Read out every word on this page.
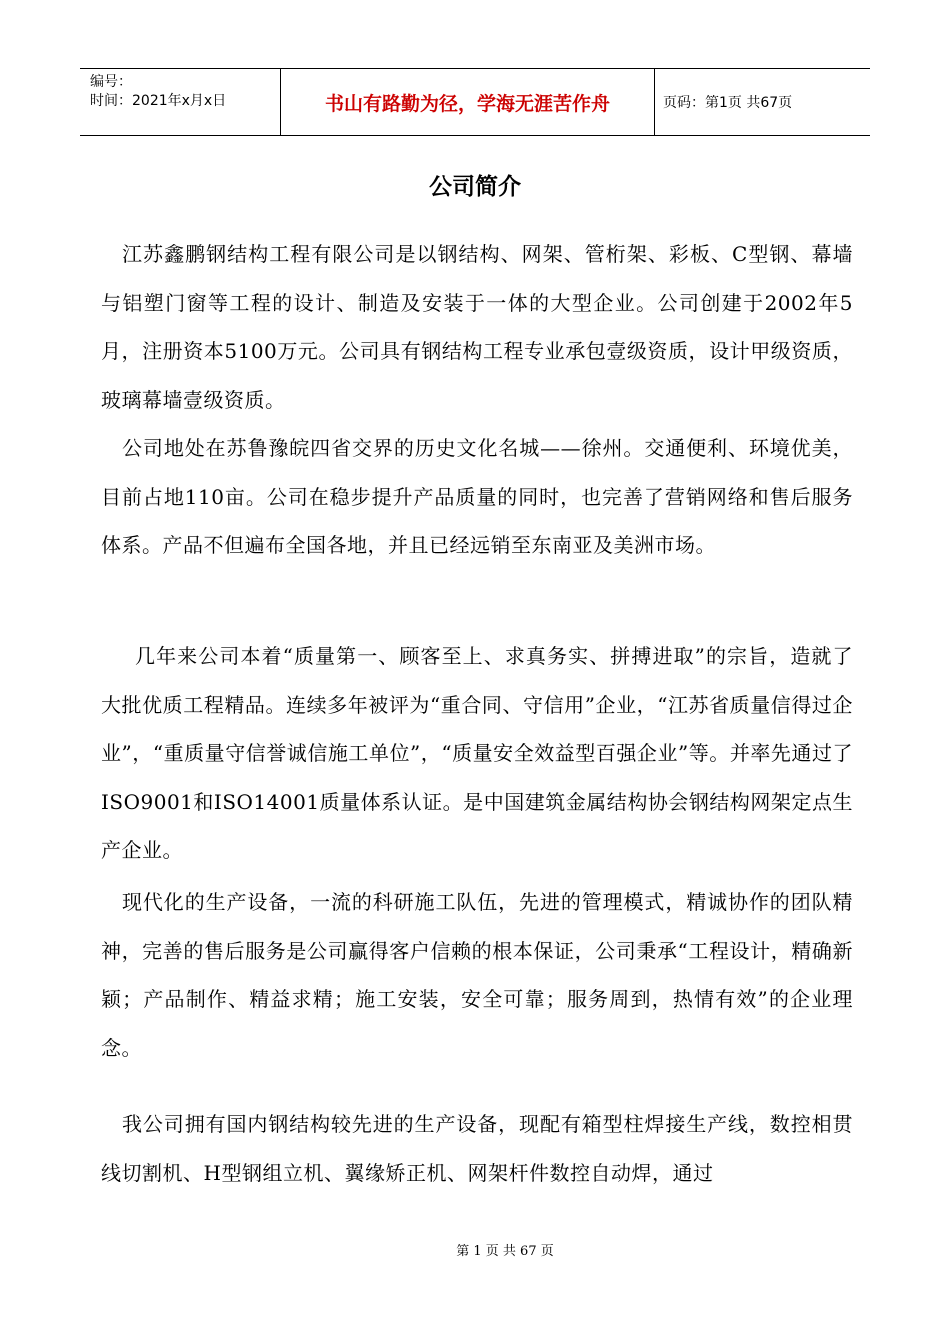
编号：
时间：2021年x月x日	书山有路勤为径，学海无涯苦作舟	页码：第1页 共67页
公司简介

江苏鑫鹏钢结构工程有限公司是以钢结构、网架、管桁架、彩板、C型钢、幕墙与铝塑门窗等工程的设计、制造及安装于一体的大型企业。公司创建于2002年5月，注册资本5100万元。公司具有钢结构工程专业承包壹级资质，设计甲级资质，玻璃幕墙壹级资质。

公司地处在苏鲁豫皖四省交界的历史文化名城——徐州。交通便利、环境优美，目前占地110亩。公司在稳步提升产品质量的同时，也完善了营销网络和售后服务体系。产品不但遍布全国各地，并且已经远销至东南亚及美洲市场。

几年来公司本着“质量第一、顾客至上、求真务实、拼搏进取”的宗旨，造就了大批优质工程精品。连续多年被评为“重合同、守信用”企业，“江苏省质量信得过企业”，“重质量守信誉诚信施工单位”，“质量安全效益型百强企业”等。并率先通过了ISO9001和ISO14001质量体系认证。是中国建筑金属结构协会钢结构网架定点生产企业。

现代化的生产设备，一流的科研施工队伍，先进的管理模式，精诚协作的团队精神，完善的售后服务是公司赢得客户信赖的根本保证，公司秉承“工程设计，精确新颖；产品制作、精益求精；施工安装，安全可靠；服务周到，热情有效”的企业理念。

我公司拥有国内钢结构较先进的生产设备，现配有箱型柱焊接生产线，数控相贯线切割机、H型钢组立机、翼缘矫正机、网架杆件数控自动焊，通过

第 1 页 共 67 页
